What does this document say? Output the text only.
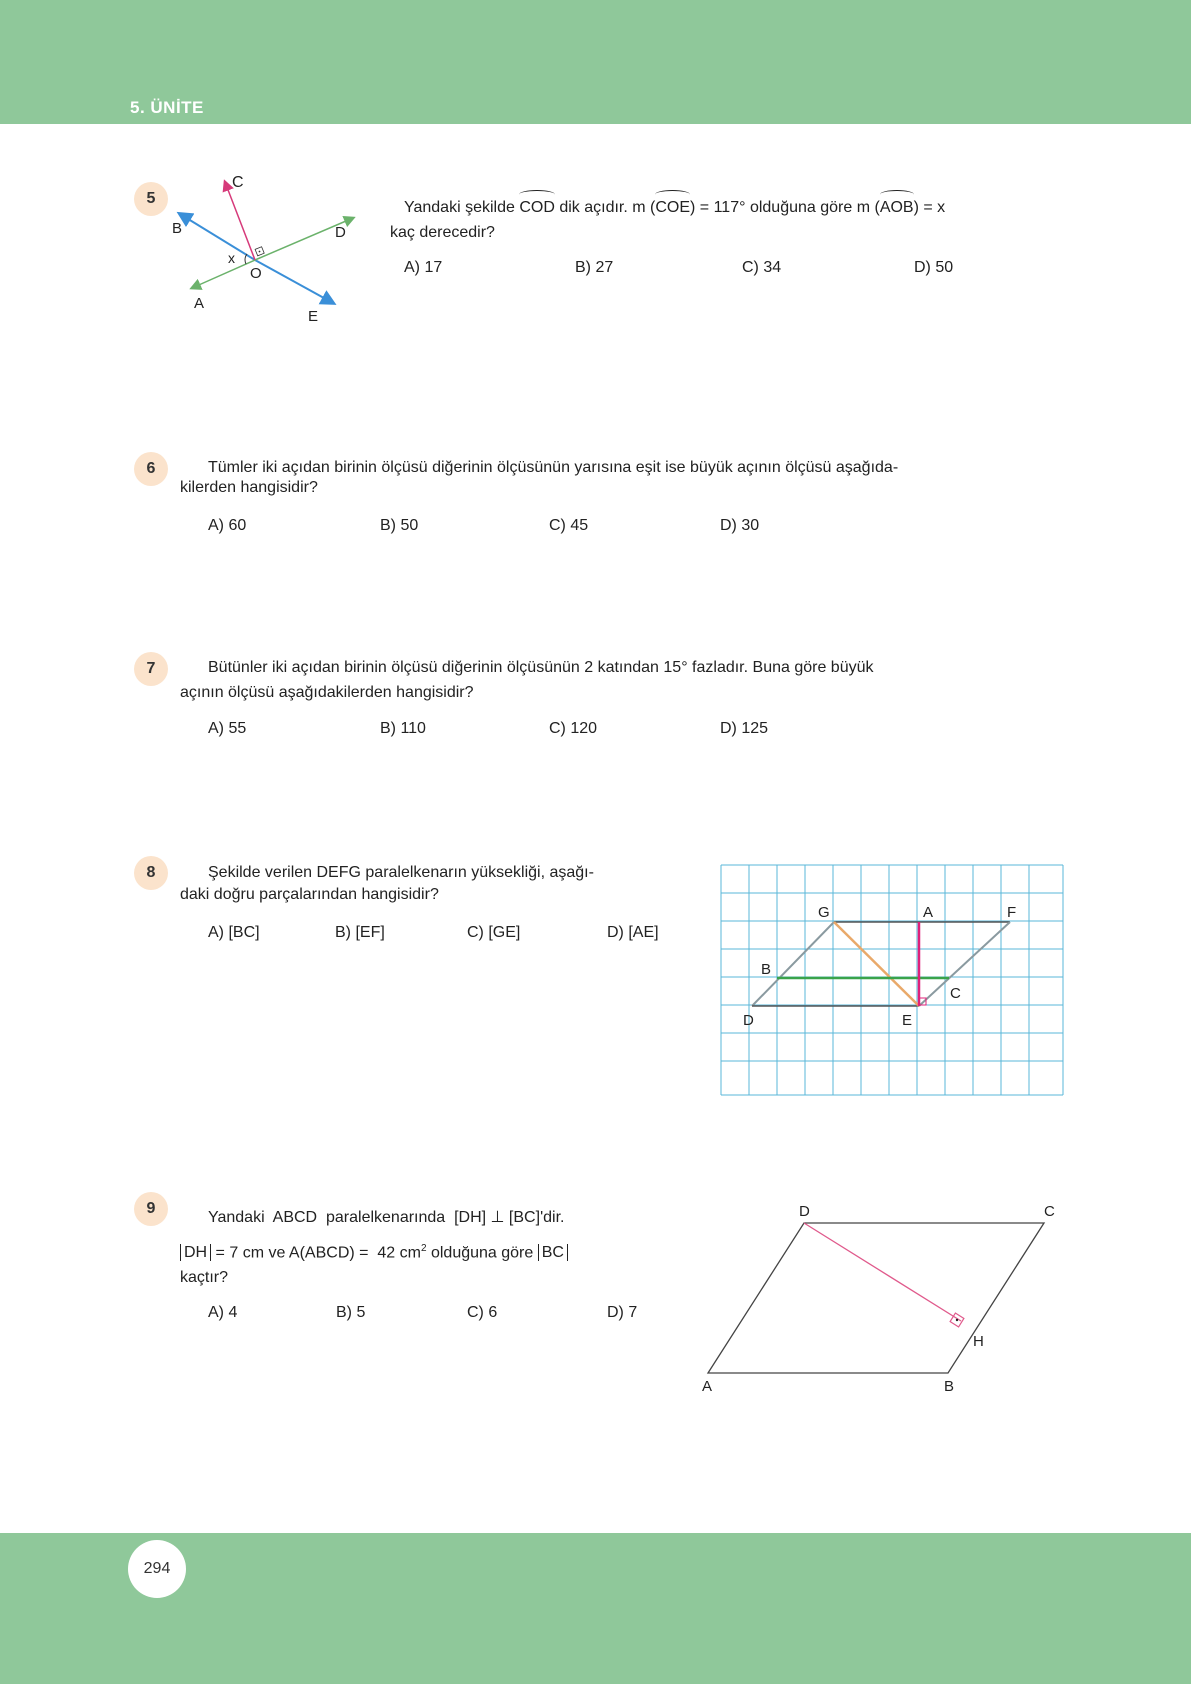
5. ÜNİTE
5
C
B	D
O
x
A
E
Yandaki şekilde COD dik açıdır. m (COE) = 117° olduğuna göre m (AOB) = x
kaç derecedir?
A) 17	B) 27	C) 34	D) 50
6	Tümler iki açıdan birinin ölçüsü diğerinin ölçüsünün yarısına eşit ise büyük açının ölçüsü aşağıda-
kilerden hangisidir?
A) 60	B) 50	C) 45	D) 30
7	Bütünler iki açıdan birinin ölçüsü diğerinin ölçüsünün 2 katından 15° fazladır. Buna göre büyük
açının ölçüsü aşağıdakilerden hangisidir?
A) 55	B) 110	C) 120	D) 125
8	Şekilde verilen DEFG paralelkenarın yüksekliği, aşağı-
daki doğru parçalarından hangisidir?
A) [ BC ]	B) [ EF ]	C) [ GE ]	D) [ AE ]
G	A	F
B
C
D	E
9
Yandaki  ABCD  paralelkenarında  [ DH ] ⊥ [ BC ] 'dir.
DH = 7 cm ve A(ABCD) =  42 $cm^2$ olduğuna göre BC
kaçtır?
A) 4	B) 5	C) 6	D) 7
D	C
A	B
H
294
